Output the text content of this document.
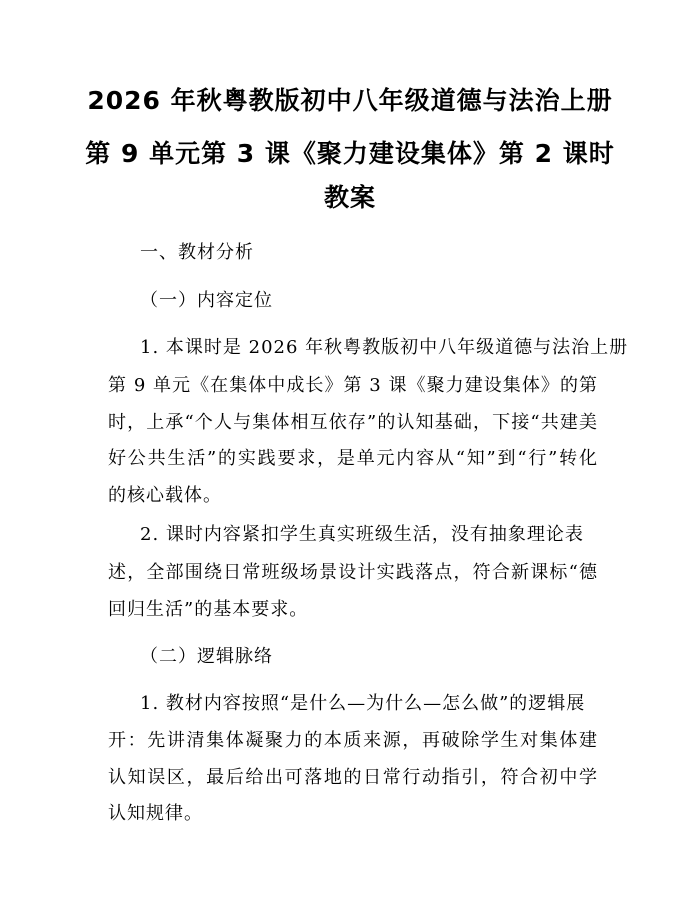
2026 年秋粤教版初中八年级道德与法治上册
第 9 单元第 3 课《聚力建设集体》第 2 课时
教案
一、教材分析
（一）内容定位
1. 本课时是 2026 年秋粤教版初中八年级道德与法治上册
第 9 单元《在集体中成长》第 3 课《聚力建设集体》的第
时，上承“个人与集体相互依存”的认知基础，下接“共建美
好公共生活”的实践要求，是单元内容从“知”到“行”转化
的核心载体。
2. 课时内容紧扣学生真实班级生活，没有抽象理论表
述，全部围绕日常班级场景设计实践落点，符合新课标“德
回归生活”的基本要求。
（二）逻辑脉络
1. 教材内容按照“是什么—为什么—怎么做”的逻辑展
开：先讲清集体凝聚力的本质来源，再破除学生对集体建
认知误区，最后给出可落地的日常行动指引，符合初中学
认知规律。
